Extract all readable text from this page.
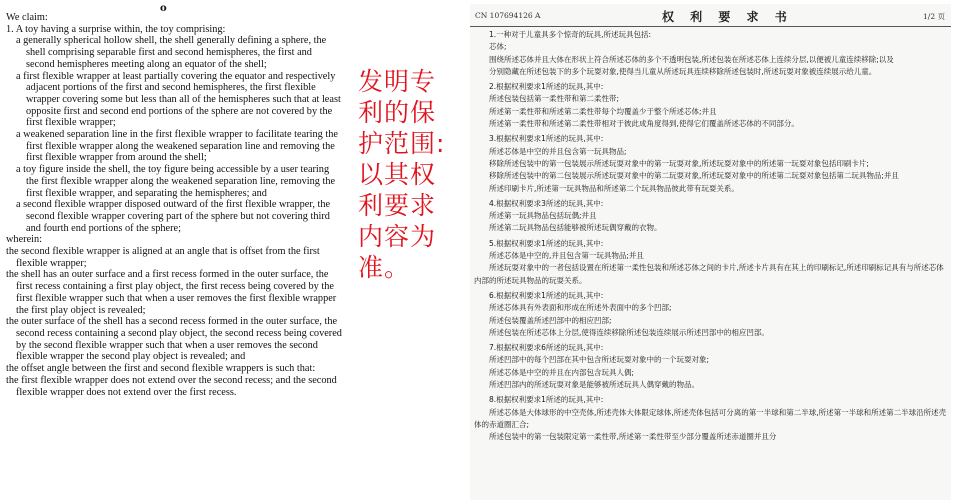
o

We claim:

1. A toy having a surprise within, the toy comprising:

a generally spherical hollow shell, the shell generally defining a sphere, the shell comprising separable first and second hemispheres, the first and second hemispheres meeting along an equator of the shell;

a first flexible wrapper at least partially covering the equator and respectively adjacent portions of the first and second hemispheres, the first flexible wrapper covering some but less than all of the hemispheres such that at least opposite first and second end portions of the sphere are not covered by the first flexible wrapper;

a weakened separation line in the first flexible wrapper to facilitate tearing the first flexible wrapper along the weakened separation line and removing the first flexible wrapper from around the shell;

a toy figure inside the shell, the toy figure being accessible by a user tearing the first flexible wrapper along the weakened separation line, removing the first flexible wrapper, and separating the hemispheres; and

a second flexible wrapper disposed outward of the first flexible wrapper, the second flexible wrapper covering part of the sphere but not covering third and fourth end portions of the sphere;

wherein:

the second flexible wrapper is aligned at an angle that is offset from the first flexible wrapper;

the shell has an outer surface and a first recess formed in the outer surface, the first recess containing a first play object, the first recess being covered by the first flexible wrapper such that when a user removes the first flexible wrapper the first play object is revealed;

the outer surface of the shell has a second recess formed in the outer surface, the second recess containing a second play object, the second recess being covered by the second flexible wrapper such that when a user removes the second flexible wrapper the second play object is revealed; and

the offset angle between the first and second flexible wrappers is such that:

the first flexible wrapper does not extend over the second recess; and the second flexible wrapper does not extend over the first recess.

发明专利的保护范围:以其权利要求内容为准。
CN 107694126 A	权 利 要 求 书	1/2 页

1.一种对于儿童具多个惊奇的玩具,所述玩具包括:

芯体;

围绕所述芯体并且大体在形状上符合所述芯体的多个不透明包装,所述包装在所述芯体上连续分层,以便被儿童连续移除;以及

分别隐藏在所述包装下的多个玩耍对象,使得当儿童从所述玩具连续移除所述包装时,所述玩耍对象被连续展示给儿童。

2.根据权利要求1所述的玩具,其中:

所述包装包括第一柔性带和第二柔性带;

所述第一柔性带和所述第二柔性带每个均覆盖少于整个所述芯体;并且

所述第一柔性带和所述第二柔性带相对于彼此成角度得到,使得它们覆盖所述芯体的不同部分。

3.根据权利要求1所述的玩具,其中:

所述芯体是中空的并且包含第一玩具物品;

移除所述包装中的第一包装展示所述玩耍对象中的第一玩耍对象,所述玩耍对象中的所述第一玩耍对象包括印刷卡片;

移除所述包装中的第二包装展示所述玩耍对象中的第二玩耍对象,所述玩耍对象中的所述第二玩耍对象包括第二玩具物品;并且

所述印刷卡片,所述第一玩具物品和所述第二个玩具物品彼此带有玩耍关系。

4.根据权利要求3所述的玩具,其中:

所述第一玩具物品包括玩偶;并且

所述第二玩具物品包括能够被所述玩偶穿戴的衣物。

5.根据权利要求1所述的玩具,其中:

所述芯体是中空的,并且包含第一玩具物品;并且

所述玩耍对象中的一者包括设置在所述第一柔性包装和所述芯体之间的卡片,所述卡片具有在其上的印刷标记,所述印刷标记具有与所述芯体内部的所述玩具物品的玩耍关系。

6.根据权利要求1所述的玩具,其中:

所述芯体具有外表面和形成在所述外表面中的多个凹部;

所述包装覆盖所述凹部中的相应凹部;

所述包装在所述芯体上分层,使得连续移除所述包装连续展示所述凹部中的相应凹部。

7.根据权利要求6所述的玩具,其中:

所述凹部中的每个凹部在其中包含所述玩耍对象中的一个玩耍对象;

所述芯体是中空的并且在内部包含玩具人偶;

所述凹部内的所述玩耍对象是能够被所述玩具人偶穿戴的物品。

8.根据权利要求1所述的玩具,其中:

所述芯体是大体球形的中空壳体,所述壳体大体限定球体,所述壳体包括可分离的第一半球和第二半球,所述第一半球和所述第二半球沿所述壳体的赤道圈汇合;

所述包装中的第一包装限定第一柔性带,所述第一柔性带至少部分覆盖所述赤道圈并且分
